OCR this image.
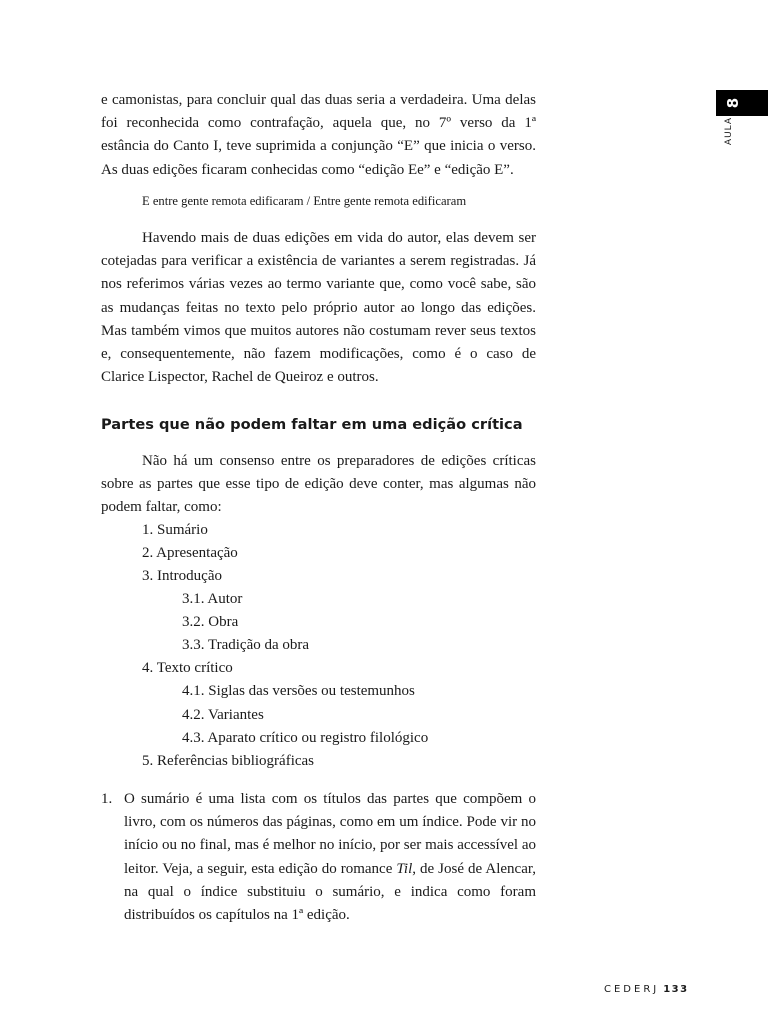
8
AULA

e camonistas, para concluir qual das duas seria a verdadeira. Uma delas foi reconhecida como contrafação, aquela que, no 7º verso da 1ª estância do Canto I, teve suprimida a conjunção “E” que inicia o verso. As duas edições ficaram conhecidas como “edição Ee” e “edição E”.

E entre gente remota edificaram / Entre gente remota edificaram

Havendo mais de duas edições em vida do autor, elas devem ser cotejadas para verificar a existência de variantes a serem registradas. Já nos referimos várias vezes ao termo variante que, como você sabe, são as mudanças feitas no texto pelo próprio autor ao longo das edições. Mas também vimos que muitos autores não costumam rever seus textos e, consequentemente, não fazem modificações, como é o caso de Clarice Lispector, Rachel de Queiroz e outros.

Partes que não podem faltar em uma edição crítica

Não há um consenso entre os preparadores de edições críticas sobre as partes que esse tipo de edição deve conter, mas algumas não podem faltar, como:

1. Sumário
2. Apresentação
3. Introdução
3.1. Autor
3.2. Obra
3.3. Tradição da obra
4. Texto crítico
4.1. Siglas das versões ou testemunhos
4.2. Variantes
4.3. Aparato crítico ou registro filológico
5. Referências bibliográficas
1. O sumário é uma lista com os títulos das partes que compõem o livro, com os números das páginas, como em um índice. Pode vir no início ou no final, mas é melhor no início, por ser mais accessível ao leitor. Veja, a seguir, esta edição do romance Til, de José de Alencar, na qual o índice substituiu o sumário, e indica como foram distribuídos os capítulos na 1ª edição.

CEDERJ 133
